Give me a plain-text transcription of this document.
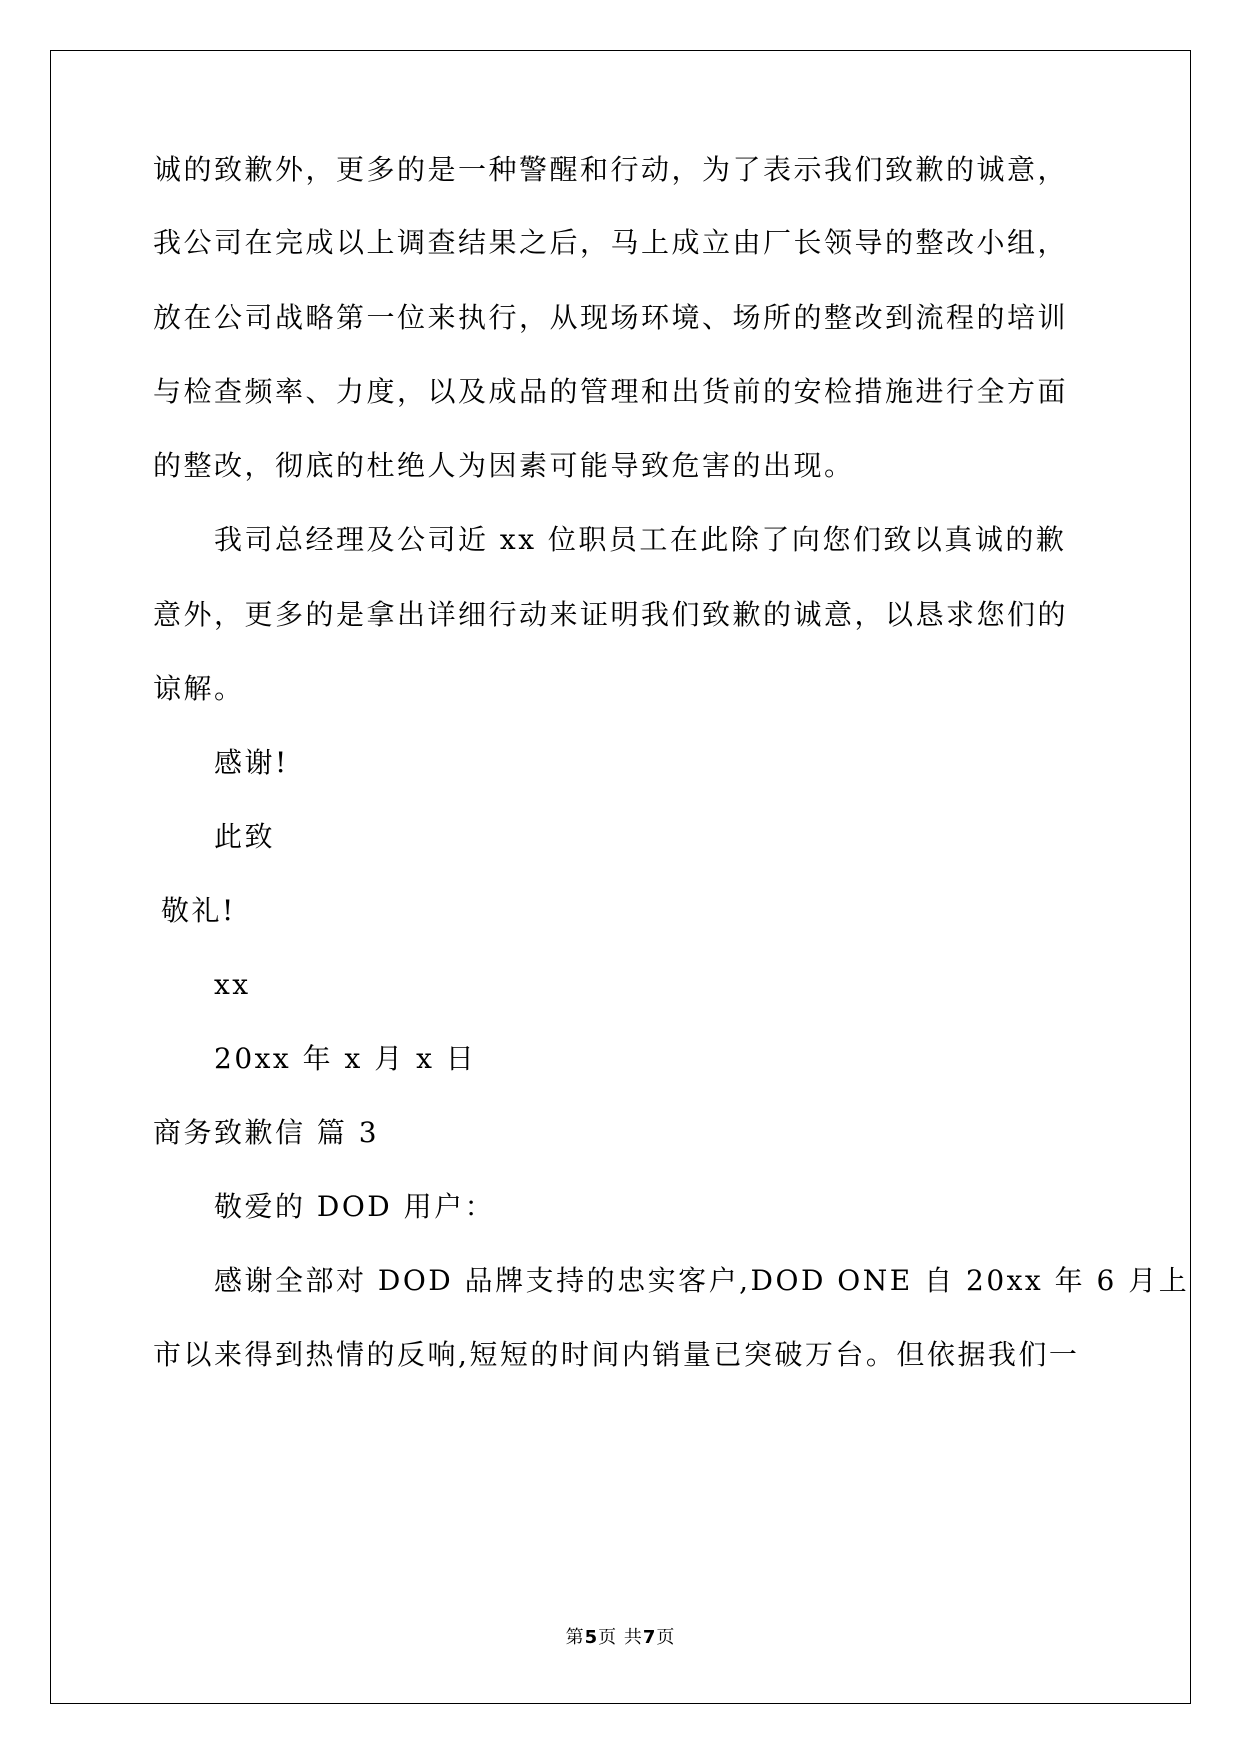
诚的致歉外，更多的是一种警醒和行动，为了表示我们致歉的诚意，
我公司在完成以上调查结果之后，马上成立由厂长领导的整改小组，
放在公司战略第一位来执行，从现场环境、场所的整改到流程的培训
与检查频率、力度，以及成品的管理和出货前的安检措施进行全方面
的整改，彻底的杜绝人为因素可能导致危害的出现。
我司总经理及公司近 xx 位职员工在此除了向您们致以真诚的歉
意外，更多的是拿出详细行动来证明我们致歉的诚意，以恳求您们的
谅解。
感谢!
此致
敬礼!
xx
20xx 年 x 月 x 日
商务致歉信 篇 3
敬爱的 DOD 用户：
感谢全部对 DOD 品牌支持的忠实客户,DOD ONE 自 20xx 年 6 月上
市以来得到热情的反响,短短的时间内销量已突破万台。但依据我们一
第5页 共7页
